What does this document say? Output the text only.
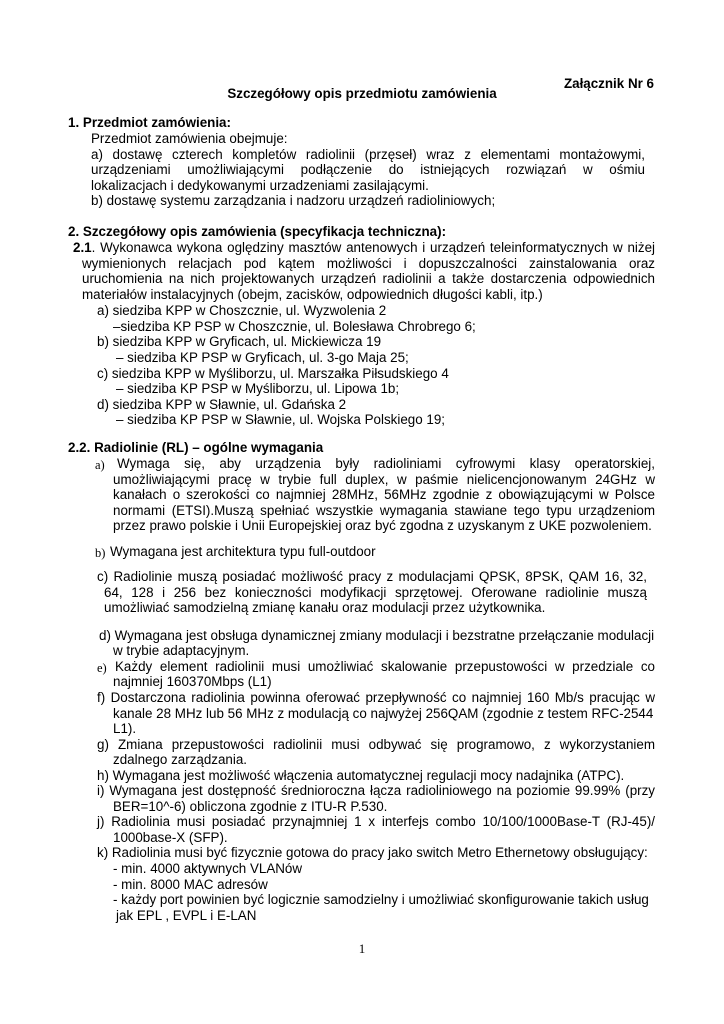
Załącznik Nr 6
Szczegółowy opis przedmiotu zamówienia
1. Przedmiot zamówienia:
Przedmiot zamówienia obejmuje:
a) dostawę czterech kompletów radiolinii (przęseł) wraz z elementami montażowymi,
urządzeniami umożliwiającymi podłączenie do istniejących rozwiązań w ośmiu
lokalizacjach i dedykowanymi urzadzeniami zasilającymi.
b) dostawę systemu zarządzania i nadzoru urządzeń radioliniowych;
2. Szczegółowy opis zamówienia (specyfikacja techniczna):
2.1. Wykonawca wykona oględziny masztów antenowych i urządzeń teleinformatycznych w niżej
wymienionych relacjach pod kątem możliwości i dopuszczalności zainstalowania oraz
uruchomienia na nich projektowanych urządzeń radiolinii a także dostarczenia odpowiednich
materiałów instalacyjnych (obejm, zacisków, odpowiednich długości kabli, itp.)
a) siedziba KPP w Choszcznie, ul. Wyzwolenia 2
–siedziba KP PSP w Choszcznie, ul. Bolesława Chrobrego 6;
b) siedziba KPP w Gryficach, ul. Mickiewicza 19
– siedziba KP PSP w Gryficach, ul. 3-go Maja 25;
c) siedziba KPP w Myśliborzu, ul. Marszałka Piłsudskiego 4
– siedziba KP PSP w Myśliborzu, ul. Lipowa 1b;
d) siedziba KPP w Sławnie, ul. Gdańska 2
– siedziba KP PSP w Sławnie, ul. Wojska Polskiego 19;
2.2. Radiolinie (RL) – ogólne wymagania
a) Wymaga się, aby urządzenia były radioliniami cyfrowymi klasy operatorskiej,
umożliwiającymi pracę w trybie full duplex, w paśmie nielicencjonowanym 24GHz w
kanałach o szerokości co najmniej 28MHz, 56MHz zgodnie z obowiązującymi w Polsce
normami (ETSI).Muszą spełniać wszystkie wymagania stawiane tego typu urządzeniom
przez prawo polskie i Unii Europejskiej oraz być zgodna z uzyskanym z UKE pozwoleniem.
b) Wymagana jest architektura typu full-outdoor
c) Radiolinie muszą posiadać możliwość pracy z modulacjami QPSK, 8PSK, QAM 16, 32,
64, 128 i 256 bez konieczności modyfikacji sprzętowej. Oferowane radiolinie muszą
umożliwiać samodzielną zmianę kanału oraz modulacji przez użytkownika.
d) Wymagana jest obsługa dynamicznej zmiany modulacji i bezstratne przełączanie modulacji
w trybie adaptacyjnym.
e) Każdy element radiolinii musi umożliwiać skalowanie przepustowości w przedziale co
najmniej 160370Mbps (L1)
f) Dostarczona radiolinia powinna oferować przepływność co najmniej 160 Mb/s pracując w
kanale 28 MHz lub 56 MHz z modulacją co najwyżej 256QAM (zgodnie z testem RFC-2544
L1).
g) Zmiana przepustowości radiolinii musi odbywać się programowo, z wykorzystaniem
zdalnego zarządzania.
h) Wymagana jest możliwość włączenia automatycznej regulacji mocy nadajnika (ATPC).
i) Wymagana jest dostępność średnioroczna łącza radioliniowego na poziomie 99.99% (przy
BER=10^-6) obliczona zgodnie z ITU-R P.530.
j) Radiolinia musi posiadać przynajmniej 1 x interfejs combo 10/100/1000Base-T (RJ-45)/
1000base-X (SFP).
k) Radiolinia musi być fizycznie gotowa do pracy jako switch Metro Ethernetowy obsługujący:
- min. 4000 aktywnych VLANów
- min. 8000 MAC adresów
- każdy port powinien być logicznie samodzielny i umożliwiać skonfigurowanie takich usług
jak EPL , EVPL i E-LAN
1
